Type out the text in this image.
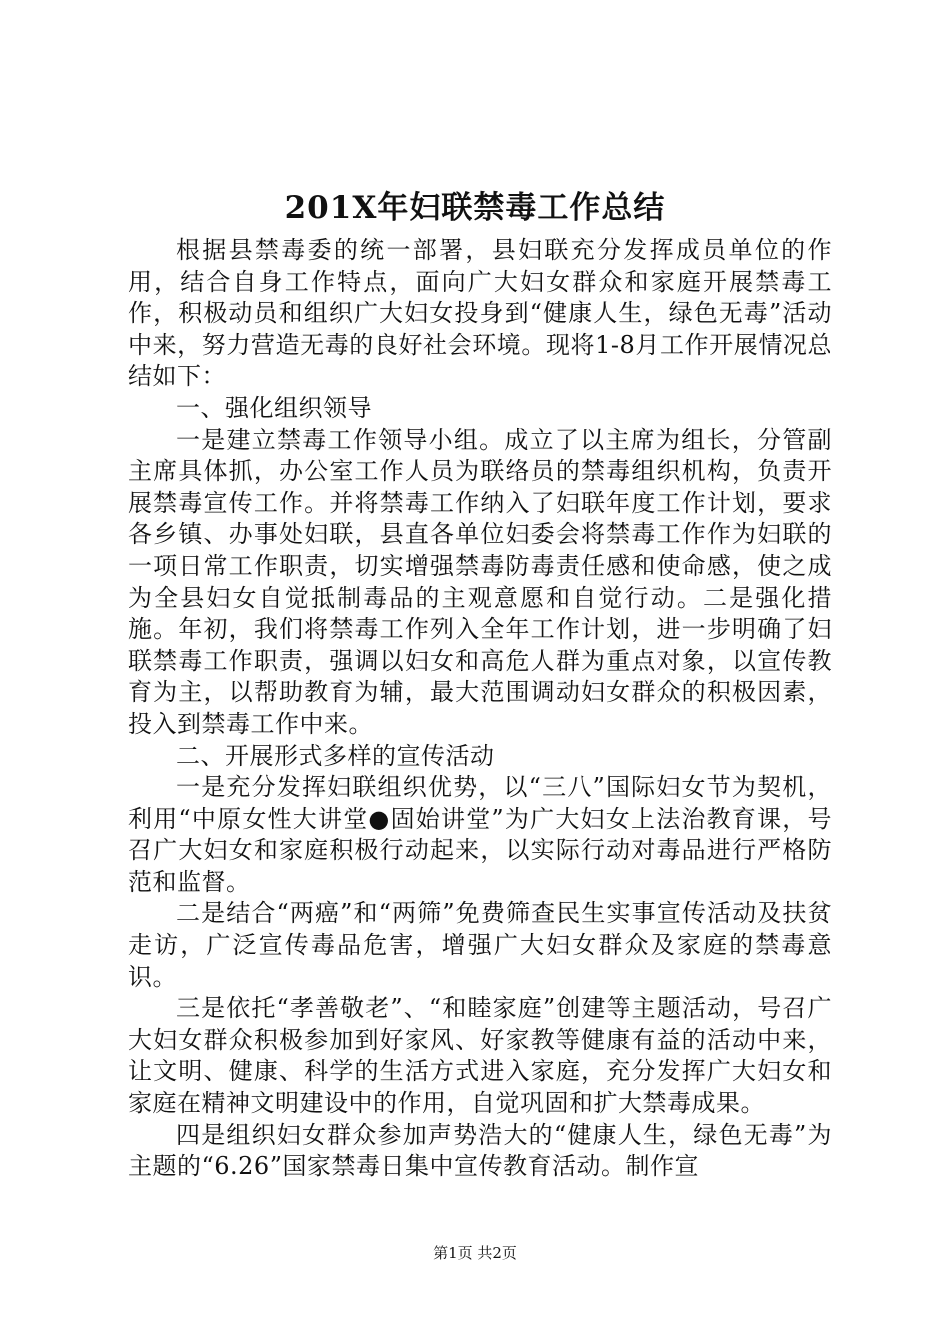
201X年妇联禁毒工作总结

根据县禁毒委的统一部署，县妇联充分发挥成员单位的作用，结合自身工作特点，面向广大妇女群众和家庭开展禁毒工作，积极动员和组织广大妇女投身到“健康人生，绿色无毒”活动中来，努力营造无毒的良好社会环境。现将1-8月工作开展情况总结如下：

一、强化组织领导

一是建立禁毒工作领导小组。成立了以主席为组长，分管副主席具体抓，办公室工作人员为联络员的禁毒组织机构，负责开展禁毒宣传工作。并将禁毒工作纳入了妇联年度工作计划，要求各乡镇、办事处妇联，县直各单位妇委会将禁毒工作作为妇联的一项日常工作职责，切实增强禁毒防毒责任感和使命感，使之成为全县妇女自觉抵制毒品的主观意愿和自觉行动。二是强化措施。年初，我们将禁毒工作列入全年工作计划，进一步明确了妇联禁毒工作职责，强调以妇女和高危人群为重点对象，以宣传教育为主，以帮助教育为辅，最大范围调动妇女群众的积极因素，投入到禁毒工作中来。

二、开展形式多样的宣传活动

一是充分发挥妇联组织优势，以“三八”国际妇女节为契机，利用“中原女性大讲堂●固始讲堂”为广大妇女上法治教育课，号召广大妇女和家庭积极行动起来，以实际行动对毒品进行严格防范和监督。

二是结合“两癌”和“两筛”免费筛查民生实事宣传活动及扶贫走访，广泛宣传毒品危害，增强广大妇女群众及家庭的禁毒意识。

三是依托“孝善敬老”、“和睦家庭”创建等主题活动，号召广大妇女群众积极参加到好家风、好家教等健康有益的活动中来，让文明、健康、科学的生活方式进入家庭，充分发挥广大妇女和家庭在精神文明建设中的作用，自觉巩固和扩大禁毒成果。

四是组织妇女群众参加声势浩大的“健康人生，绿色无毒”为主题的“6.26”国家禁毒日集中宣传教育活动。制作宣

第1页 共2页
